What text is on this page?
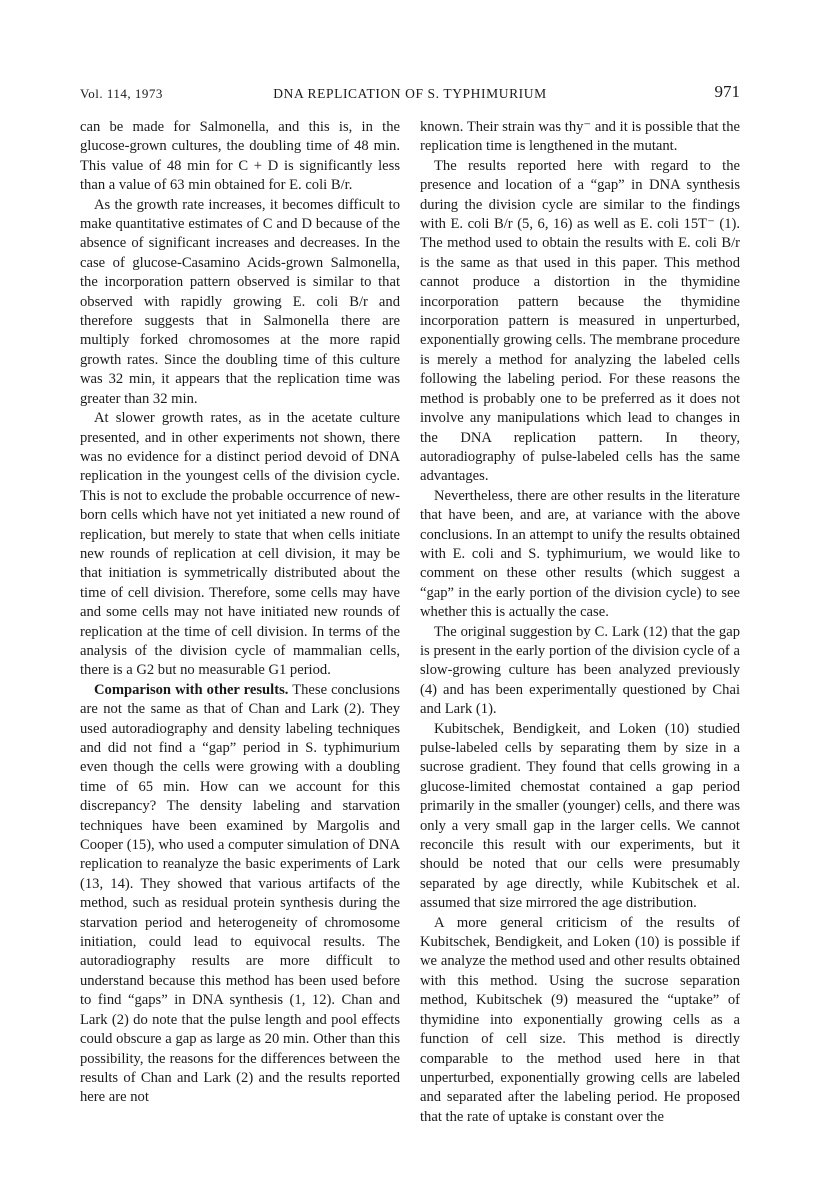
Vol. 114, 1973	DNA REPLICATION OF S. TYPHIMURIUM	971

can be made for Salmonella, and this is, in the glucose-grown cultures, the doubling time of 48 min. This value of 48 min for C + D is significantly less than a value of 63 min obtained for E. coli B/r.

As the growth rate increases, it becomes difficult to make quantitative estimates of C and D because of the absence of significant increases and decreases. In the case of glucose-Casamino Acids-grown Salmonella, the incorporation pattern observed is similar to that observed with rapidly growing E. coli B/r and therefore suggests that in Salmonella there are multiply forked chromosomes at the more rapid growth rates. Since the doubling time of this culture was 32 min, it appears that the replication time was greater than 32 min.

At slower growth rates, as in the acetate culture presented, and in other experiments not shown, there was no evidence for a distinct period devoid of DNA replication in the youngest cells of the division cycle. This is not to exclude the probable occurrence of new-born cells which have not yet initiated a new round of replication, but merely to state that when cells initiate new rounds of replication at cell division, it may be that initiation is symmetrically distributed about the time of cell division. Therefore, some cells may have and some cells may not have initiated new rounds of replication at the time of cell division. In terms of the analysis of the division cycle of mammalian cells, there is a G2 but no measurable G1 period.

Comparison with other results. These conclusions are not the same as that of Chan and Lark (2). They used autoradiography and density labeling techniques and did not find a “gap” period in S. typhimurium even though the cells were growing with a doubling time of 65 min. How can we account for this discrepancy? The density labeling and starvation techniques have been examined by Margolis and Cooper (15), who used a computer simulation of DNA replication to reanalyze the basic experiments of Lark (13, 14). They showed that various artifacts of the method, such as residual protein synthesis during the starvation period and heterogeneity of chromosome initiation, could lead to equivocal results. The autoradiography results are more difficult to understand because this method has been used before to find “gaps” in DNA synthesis (1, 12). Chan and Lark (2) do note that the pulse length and pool effects could obscure a gap as large as 20 min. Other than this possibility, the reasons for the differences between the results of Chan and Lark (2) and the results reported here are not

known. Their strain was thy⁻ and it is possible that the replication time is lengthened in the mutant.

The results reported here with regard to the presence and location of a “gap” in DNA synthesis during the division cycle are similar to the findings with E. coli B/r (5, 6, 16) as well as E. coli 15T⁻ (1). The method used to obtain the results with E. coli B/r is the same as that used in this paper. This method cannot produce a distortion in the thymidine incorporation pattern because the thymidine incorporation pattern is measured in unperturbed, exponentially growing cells. The membrane procedure is merely a method for analyzing the labeled cells following the labeling period. For these reasons the method is probably one to be preferred as it does not involve any manipulations which lead to changes in the DNA replication pattern. In theory, autoradiography of pulse-labeled cells has the same advantages.

Nevertheless, there are other results in the literature that have been, and are, at variance with the above conclusions. In an attempt to unify the results obtained with E. coli and S. typhimurium, we would like to comment on these other results (which suggest a “gap” in the early portion of the division cycle) to see whether this is actually the case.

The original suggestion by C. Lark (12) that the gap is present in the early portion of the division cycle of a slow-growing culture has been analyzed previously (4) and has been experimentally questioned by Chai and Lark (1).

Kubitschek, Bendigkeit, and Loken (10) studied pulse-labeled cells by separating them by size in a sucrose gradient. They found that cells growing in a glucose-limited chemostat contained a gap period primarily in the smaller (younger) cells, and there was only a very small gap in the larger cells. We cannot reconcile this result with our experiments, but it should be noted that our cells were presumably separated by age directly, while Kubitschek et al. assumed that size mirrored the age distribution.

A more general criticism of the results of Kubitschek, Bendigkeit, and Loken (10) is possible if we analyze the method used and other results obtained with this method. Using the sucrose separation method, Kubitschek (9) measured the “uptake” of thymidine into exponentially growing cells as a function of cell size. This method is directly comparable to the method used here in that unperturbed, exponentially growing cells are labeled and separated after the labeling period. He proposed that the rate of uptake is constant over the
